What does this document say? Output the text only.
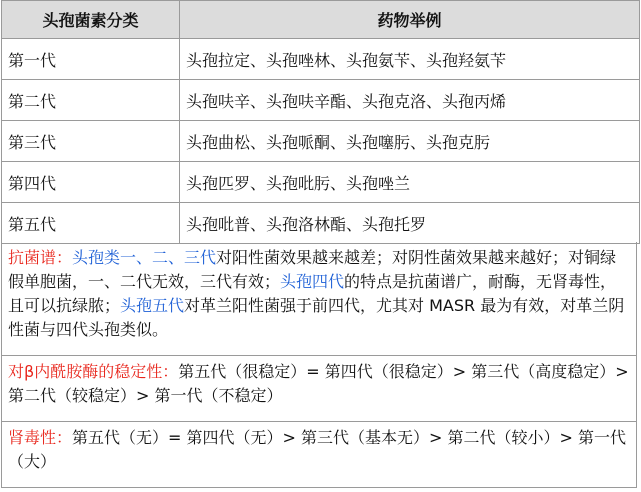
头孢菌素分类	药物举例
第一代	头孢拉定、头孢唑林、头孢氨苄、头孢羟氨苄
第二代	头孢呋辛、头孢呋辛酯、头孢克洛、头孢丙烯
第三代	头孢曲松、头孢哌酮、头孢噻肟、头孢克肟
第四代	头孢匹罗、头孢吡肟、头孢唑兰
第五代	头孢吡普、头孢洛林酯、头孢托罗
抗菌谱：头孢类一、二、三代对阳性菌效果越来越差；对阴性菌效果越来越好；对铜绿假单胞菌，一、二代无效，三代有效；头孢四代的特点是抗菌谱广，耐酶，无肾毒性，且可以抗绿脓；头孢五代对革兰阳性菌强于前四代，尤其对 MASR 最为有效，对革兰阴性菌与四代头孢类似。
对β内酰胺酶的稳定性：第五代（很稳定）= 第四代（很稳定）> 第三代（高度稳定）> 第二代（较稳定）> 第一代（不稳定）
肾毒性：第五代（无）= 第四代（无）> 第三代（基本无）> 第二代（较小）> 第一代（大）
